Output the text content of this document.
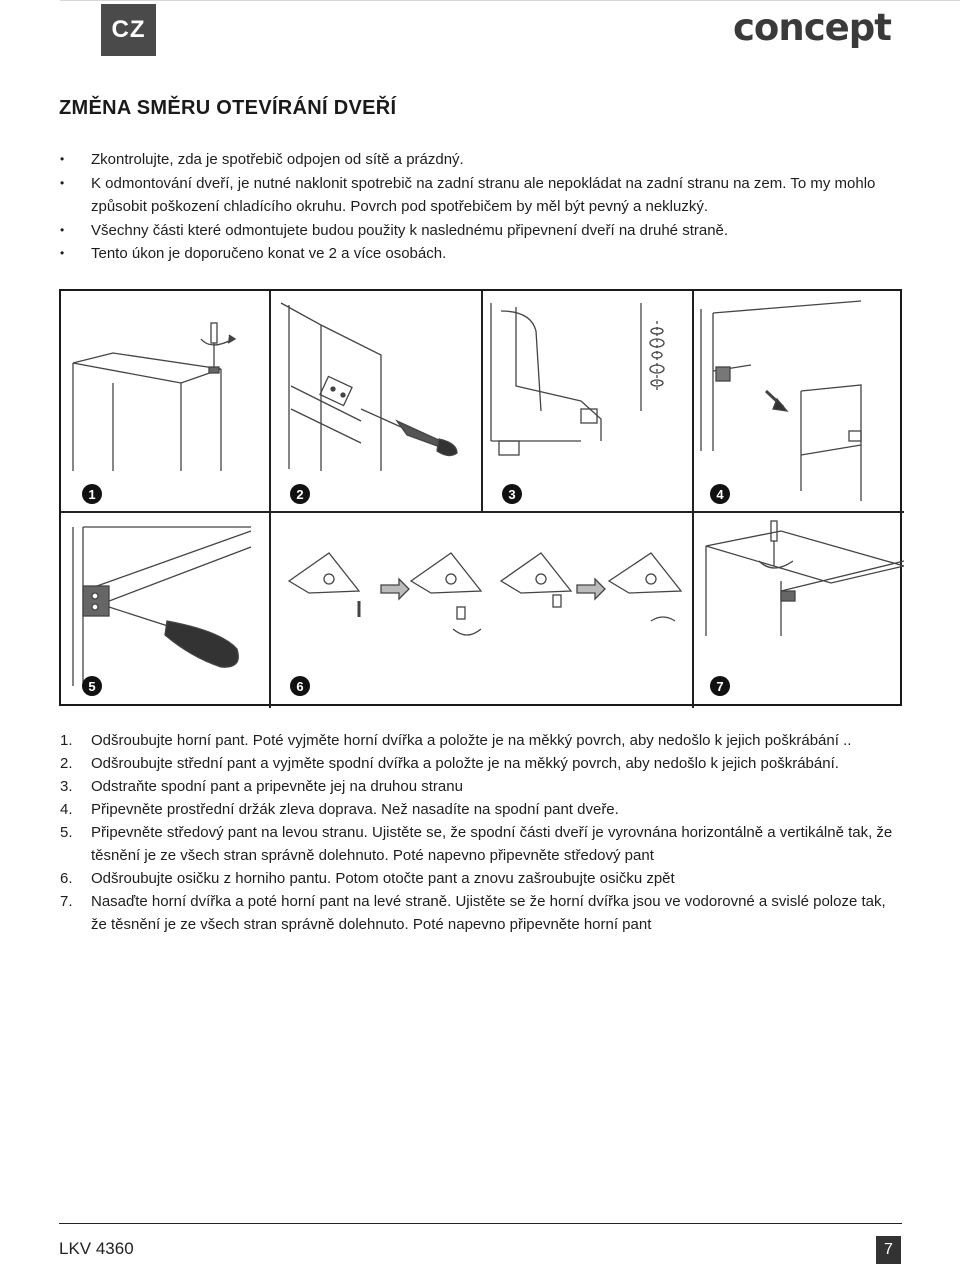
CZ	concept
ZMĚNA SMĚRU OTEVÍRÁNÍ DVEŘÍ
• Zkontrolujte, zda je spotřebič odpojen od sítě a prázdný.
• K odmontování dveří, je nutné naklonit spotrebič na zadní stranu ale nepokládat na zadní stranu na zem. To my mohlo způsobit poškození chladícího okruhu. Povrch pod spotřebičem by měl být pevný a nekluzký.
• Všechny části které odmontujete budou použity k naslednému připevnení dveří na druhé straně.
• Tento úkon je doporučeno konat ve 2 a více osobách.
1	2	3	4
5	6	7
1. Odšroubujte horní pant. Poté vyjměte horní dvířka a položte je na měkký povrch, aby nedošlo k jejich poškrábání ..
2. Odšroubujte střední pant a vyjměte spodní dvířka a položte je na měkký povrch, aby nedošlo k jejich poškrábání.
3. Odstraňte spodní pant a pripevněte jej na druhou stranu
4. Připevněte prostřední držák zleva doprava. Než nasadíte na spodní pant dveře.
5. Připevněte středový pant na levou stranu. Ujistěte se, že spodní části dveří je vyrovnána horizontálně a vertikálně tak, že těsnění je ze všech stran správně dolehnuto. Poté napevno připevněte středový pant
6. Odšroubujte osičku z horniho pantu. Potom otočte pant a znovu zašroubujte osičku zpět
7. Nasaďte horní dvířka a poté horní pant na levé straně. Ujistěte se že horní dvířka jsou ve vodorovné a svislé poloze tak, že těsnění je ze všech stran správně dolehnuto. Poté napevno připevněte horní pant
LKV 4360	7
